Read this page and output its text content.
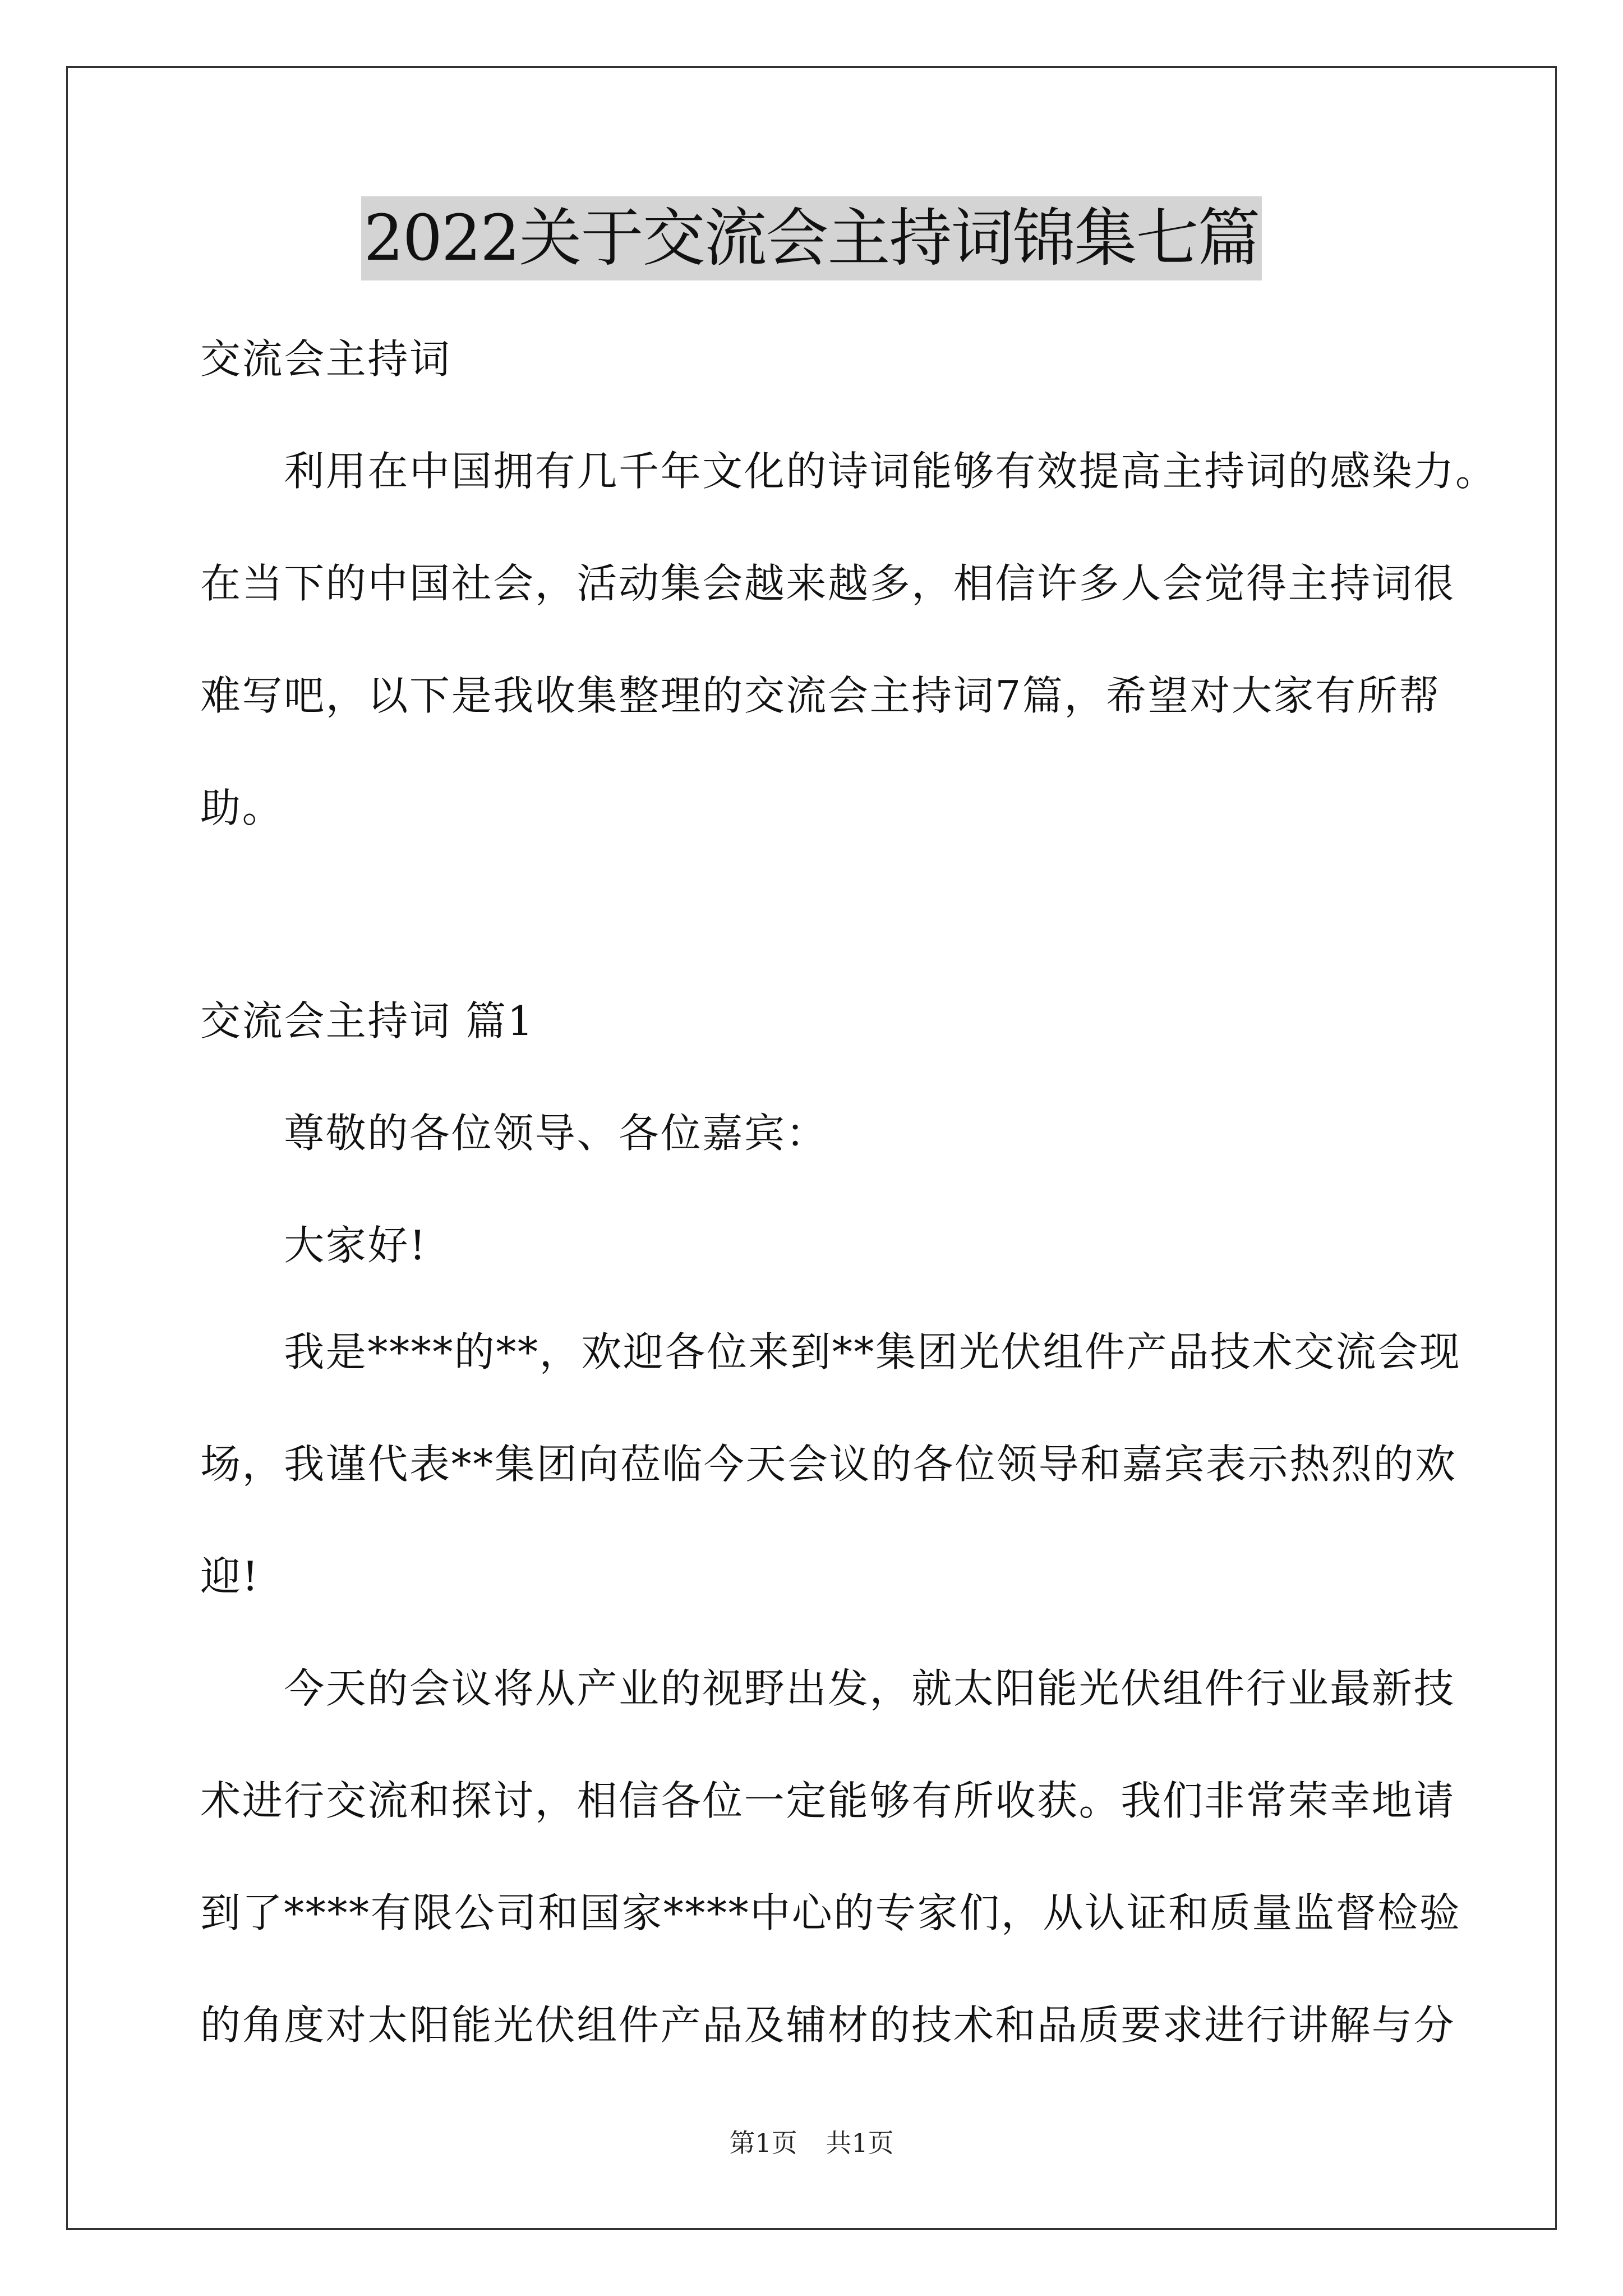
2022关于交流会主持词锦集七篇
交流会主持词
　　利用在中国拥有几千年文化的诗词能够有效提高主持词的感染力。
在当下的中国社会，活动集会越来越多，相信许多人会觉得主持词很
难写吧，以下是我收集整理的交流会主持词7篇，希望对大家有所帮
助。
交流会主持词 篇1
　　尊敬的各位领导、各位嘉宾：
　　大家好!
　　我是****的**，欢迎各位来到**集团光伏组件产品技术交流会现
场，我谨代表**集团向莅临今天会议的各位领导和嘉宾表示热烈的欢
迎!
　　今天的会议将从产业的视野出发，就太阳能光伏组件行业最新技
术进行交流和探讨，相信各位一定能够有所收获。我们非常荣幸地请
到了****有限公司和国家****中心的专家们，从认证和质量监督检验
的角度对太阳能光伏组件产品及辅材的技术和品质要求进行讲解与分
第1页 共1页
